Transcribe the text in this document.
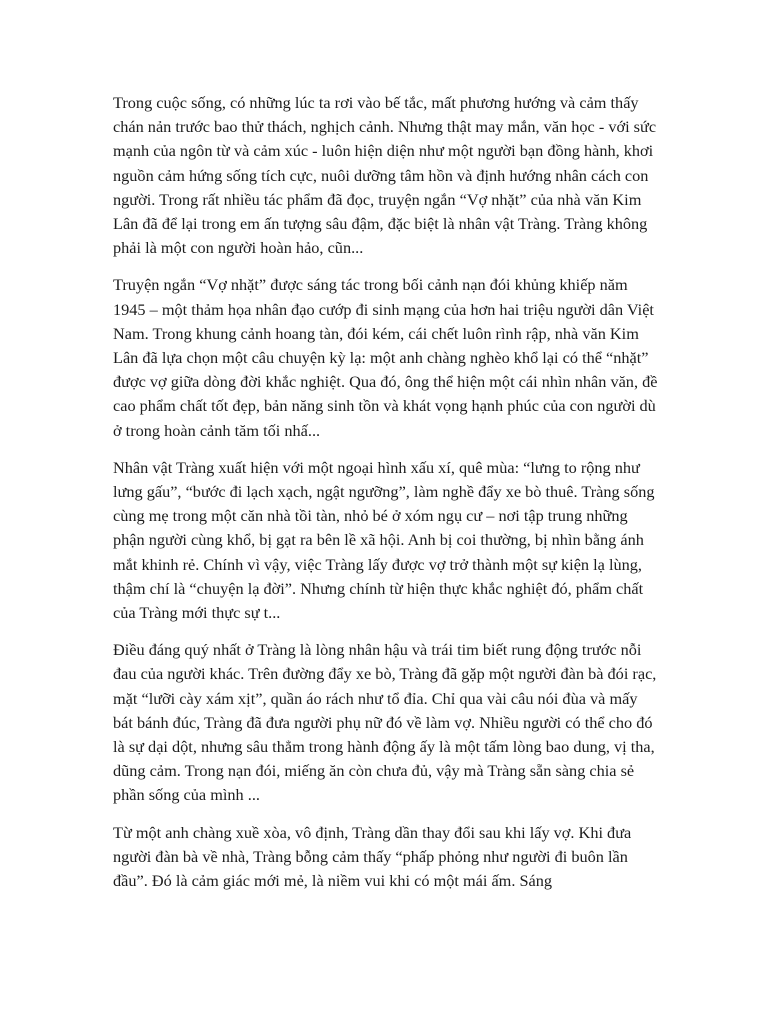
Trong cuộc sống, có những lúc ta rơi vào bế tắc, mất phương hướng và cảm thấy chán nản trước bao thử thách, nghịch cảnh. Nhưng thật may mắn, văn học - với sức mạnh của ngôn từ và cảm xúc - luôn hiện diện như một người bạn đồng hành, khơi nguồn cảm hứng sống tích cực, nuôi dưỡng tâm hồn và định hướng nhân cách con người. Trong rất nhiều tác phẩm đã đọc, truyện ngắn “Vợ nhặt” của nhà văn Kim Lân đã để lại trong em ấn tượng sâu đậm, đặc biệt là nhân vật Tràng. Tràng không phải là một con người hoàn hảo, cũn...

Truyện ngắn “Vợ nhặt” được sáng tác trong bối cảnh nạn đói khủng khiếp năm 1945 – một thảm họa nhân đạo cướp đi sinh mạng của hơn hai triệu người dân Việt Nam. Trong khung cảnh hoang tàn, đói kém, cái chết luôn rình rập, nhà văn Kim Lân đã lựa chọn một câu chuyện kỳ lạ: một anh chàng nghèo khổ lại có thể “nhặt” được vợ giữa dòng đời khắc nghiệt. Qua đó, ông thể hiện một cái nhìn nhân văn, đề cao phẩm chất tốt đẹp, bản năng sinh tồn và khát vọng hạnh phúc của con người dù ở trong hoàn cảnh tăm tối nhấ...

Nhân vật Tràng xuất hiện với một ngoại hình xấu xí, quê mùa: “lưng to rộng như lưng gấu”, “bước đi lạch xạch, ngật ngưỡng”, làm nghề đẩy xe bò thuê. Tràng sống cùng mẹ trong một căn nhà tồi tàn, nhỏ bé ở xóm ngụ cư – nơi tập trung những phận người cùng khổ, bị gạt ra bên lề xã hội. Anh bị coi thường, bị nhìn bằng ánh mắt khinh rẻ. Chính vì vậy, việc Tràng lấy được vợ trở thành một sự kiện lạ lùng, thậm chí là “chuyện lạ đời”. Nhưng chính từ hiện thực khắc nghiệt đó, phẩm chất của Tràng mới thực sự t...

Điều đáng quý nhất ở Tràng là lòng nhân hậu và trái tim biết rung động trước nỗi đau của người khác. Trên đường đẩy xe bò, Tràng đã gặp một người đàn bà đói rạc, mặt “lưỡi cày xám xịt”, quần áo rách như tổ đỉa. Chỉ qua vài câu nói đùa và mấy bát bánh đúc, Tràng đã đưa người phụ nữ đó về làm vợ. Nhiều người có thể cho đó là sự dại dột, nhưng sâu thẳm trong hành động ấy là một tấm lòng bao dung, vị tha, dũng cảm. Trong nạn đói, miếng ăn còn chưa đủ, vậy mà Tràng sẵn sàng chia sẻ phần sống của mình ...

Từ một anh chàng xuề xòa, vô định, Tràng dần thay đổi sau khi lấy vợ. Khi đưa người đàn bà về nhà, Tràng bỗng cảm thấy “phấp phỏng như người đi buôn lần đầu”. Đó là cảm giác mới mẻ, là niềm vui khi có một mái ấm. Sáng
